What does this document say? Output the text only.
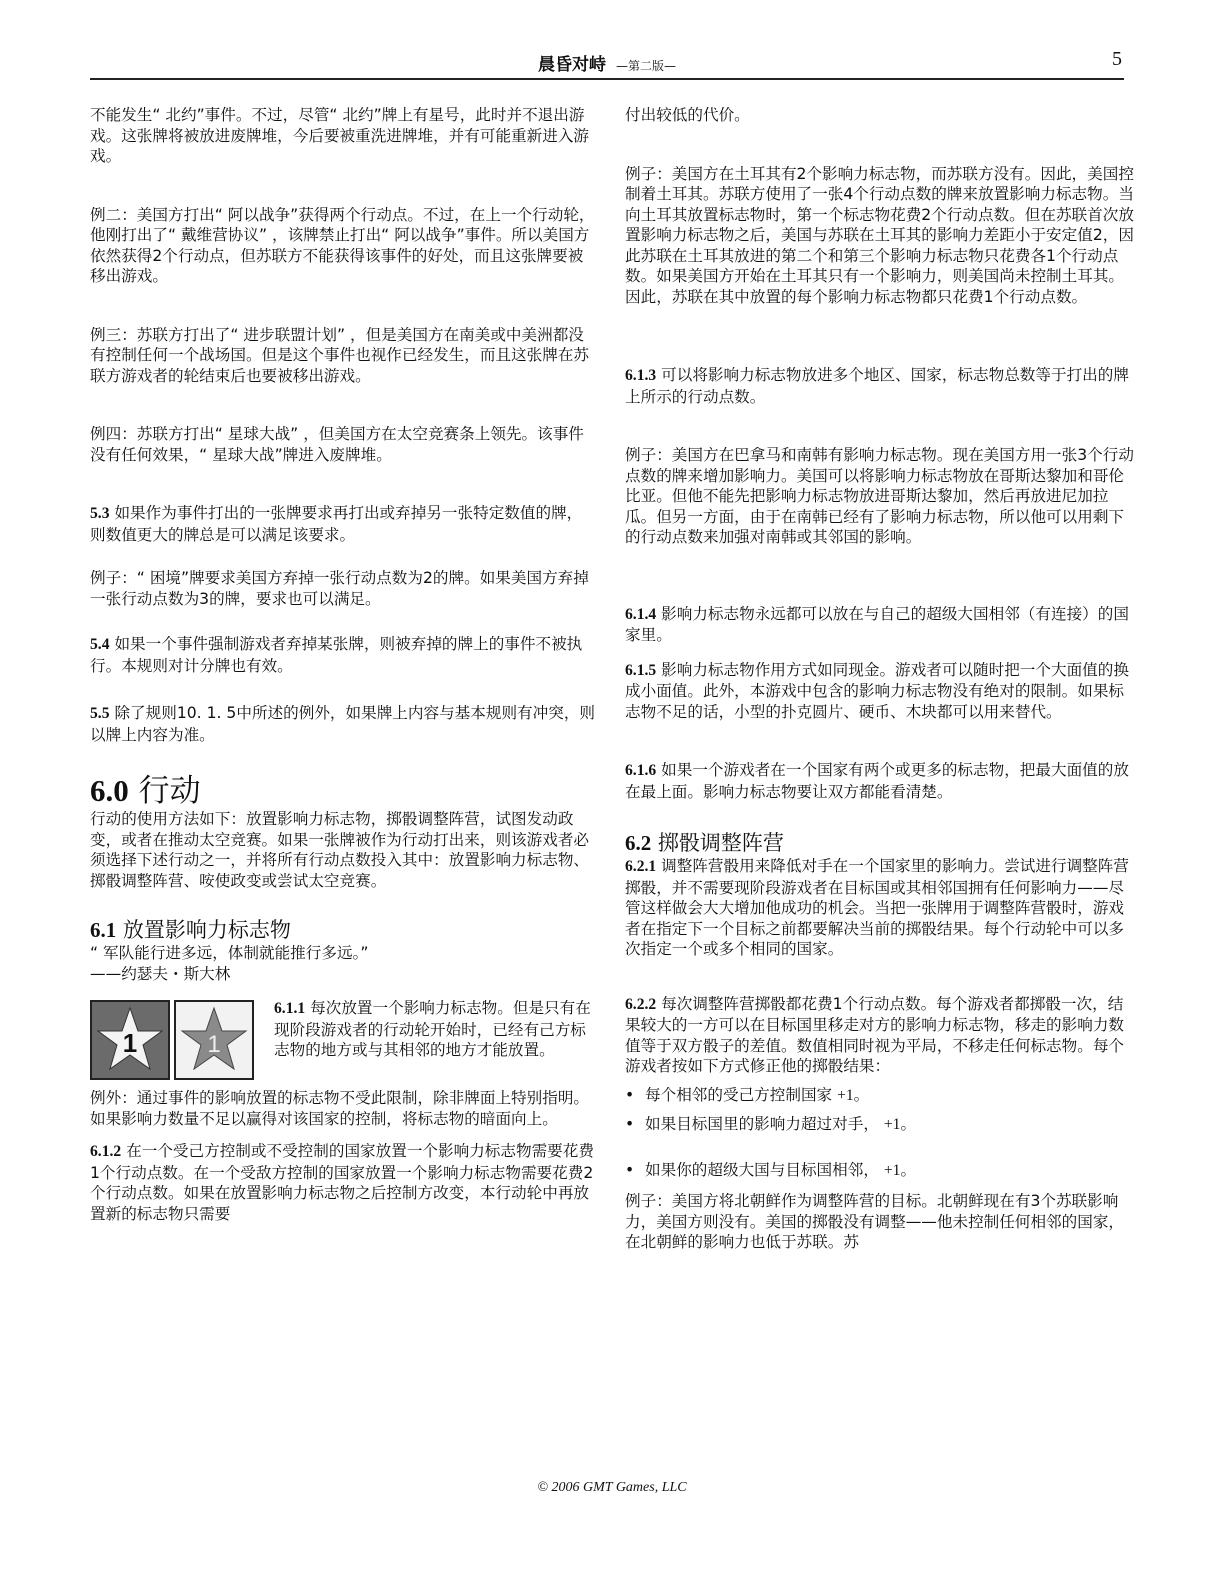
晨昏对峙 —第二版—	5

不能发生“ 北约”事件。不过，尽管“ 北约”牌上有星号，此时并不退出游戏。这张牌将被放进废牌堆，今后要被重洗进牌堆，并有可能重新进入游戏。

例二：美国方打出“ 阿以战争”获得两个行动点。不过，在上一个行动轮，他刚打出了“ 戴维营协议” ，该牌禁止打出“ 阿以战争”事件。所以美国方依然获得2个行动点，但苏联方不能获得该事件的好处，而且这张牌要被移出游戏。

例三：苏联方打出了“ 进步联盟计划” ，但是美国方在南美或中美洲都没有控制任何一个战场国。但是这个事件也视作已经发生，而且这张牌在苏联方游戏者的轮结束后也要被移出游戏。

例四：苏联方打出“ 星球大战” ，但美国方在太空竞赛条上领先。该事件没有任何效果，“ 星球大战”牌进入废牌堆。

5.3 如果作为事件打出的一张牌要求再打出或弃掉另一张特定数值的牌，则数值更大的牌总是可以满足该要求。

例子：“ 困境”牌要求美国方弃掉一张行动点数为2的牌。如果美国方弃掉一张行动点数为3的牌，要求也可以满足。

5.4 如果一个事件强制游戏者弃掉某张牌，则被弃掉的牌上的事件不被执行。本规则对计分牌也有效。

5.5 除了规则10. 1. 5中所述的例外，如果牌上内容与基本规则有冲突，则以牌上内容为准。

6.0 行动

行动的使用方法如下：放置影响力标志物，掷骰调整阵营，试图发动政变，或者在推动太空竞赛。如果一张牌被作为行动打出来，则该游戏者必须选择下述行动之一，并将所有行动点数投入其中：放置影响力标志物、掷骰调整阵营、咹使政变或尝试太空竞赛。

6.1 放置影响力标志物

“ 军队能行进多远，体制就能推行多远。”

——约瑟夫・斯大林

1	1

6.1.1 每次放置一个影响力标志物。但是只有在现阶段游戏者的行动轮开始时，已经有己方标志物的地方或与其相邻的地方才能放置。

例外：通过事件的影响放置的标志物不受此限制，除非牌面上特别指明。

如果影响力数量不足以赢得对该国家的控制，将标志物的暗面向上。

6.1.2 在一个受己方控制或不受控制的国家放置一个影响力标志物需要花费1个行动点数。在一个受敌方控制的国家放置一个影响力标志物需要花费2个行动点数。如果在放置影响力标志物之后控制方改变，本行动轮中再放置新的标志物只需要

付出较低的代价。

例子：美国方在土耳其有2个影响力标志物，而苏联方没有。因此，美国控制着土耳其。苏联方使用了一张4个行动点数的牌来放置影响力标志物。当向土耳其放置标志物时，第一个标志物花费2个行动点数。但在苏联首次放置影响力标志物之后，美国与苏联在土耳其的影响力差距小于安定值2，因此苏联在土耳其放进的第二个和第三个影响力标志物只花费各1个行动点数。如果美国方开始在土耳其只有一个影响力，则美国尚未控制土耳其。因此，苏联在其中放置的每个影响力标志物都只花费1个行动点数。

6.1.3 可以将影响力标志物放进多个地区、国家，标志物总数等于打出的牌上所示的行动点数。

例子：美国方在巴拿马和南韩有影响力标志物。现在美国方用一张3个行动点数的牌来增加影响力。美国可以将影响力标志物放在哥斯达黎加和哥伦比亚。但他不能先把影响力标志物放进哥斯达黎加，然后再放进尼加拉瓜。但另一方面，由于在南韩已经有了影响力标志物，所以他可以用剩下的行动点数来加强对南韩或其邻国的影响。

6.1.4 影响力标志物永远都可以放在与自己的超级大国相邻（有连接）的国家里。

6.1.5 影响力标志物作用方式如同现金。游戏者可以随时把一个大面值的换成小面值。此外，本游戏中包含的影响力标志物没有绝对的限制。如果标志物不足的话，小型的扑克圆片、硬币、木块都可以用来替代。

6.1.6 如果一个游戏者在一个国家有两个或更多的标志物，把最大面值的放在最上面。影响力标志物要让双方都能看清楚。

6.2 掷骰调整阵营

6.2.1 调整阵营骰用来降低对手在一个国家里的影响力。尝试进行调整阵营掷骰，并不需要现阶段游戏者在目标国或其相邻国拥有任何影响力——尽管这样做会大大增加他成功的机会。当把一张牌用于调整阵营骰时，游戏者在指定下一个目标之前都要解决当前的掷骰结果。每个行动轮中可以多次指定一个或多个相同的国家。

6.2.2 每次调整阵营掷骰都花费1个行动点数。每个游戏者都掷骰一次，结果较大的一方可以在目标国里移走对方的影响力标志物，移走的影响力数值等于双方骰子的差值。数值相同时视为平局，不移走任何标志物。每个游戏者按如下方式修正他的掷骰结果：

• 每个相邻的受己方控制国家 +1。
• 如果目标国里的影响力超过对手， +1。
• 如果你的超级大国与目标国相邻， +1。

例子：美国方将北朝鲜作为调整阵营的目标。北朝鲜现在有3个苏联影响力，美国方则没有。美国的掷骰没有调整——他未控制任何相邻的国家，在北朝鲜的影响力也低于苏联。苏

© 2006 GMT Games, LLC
